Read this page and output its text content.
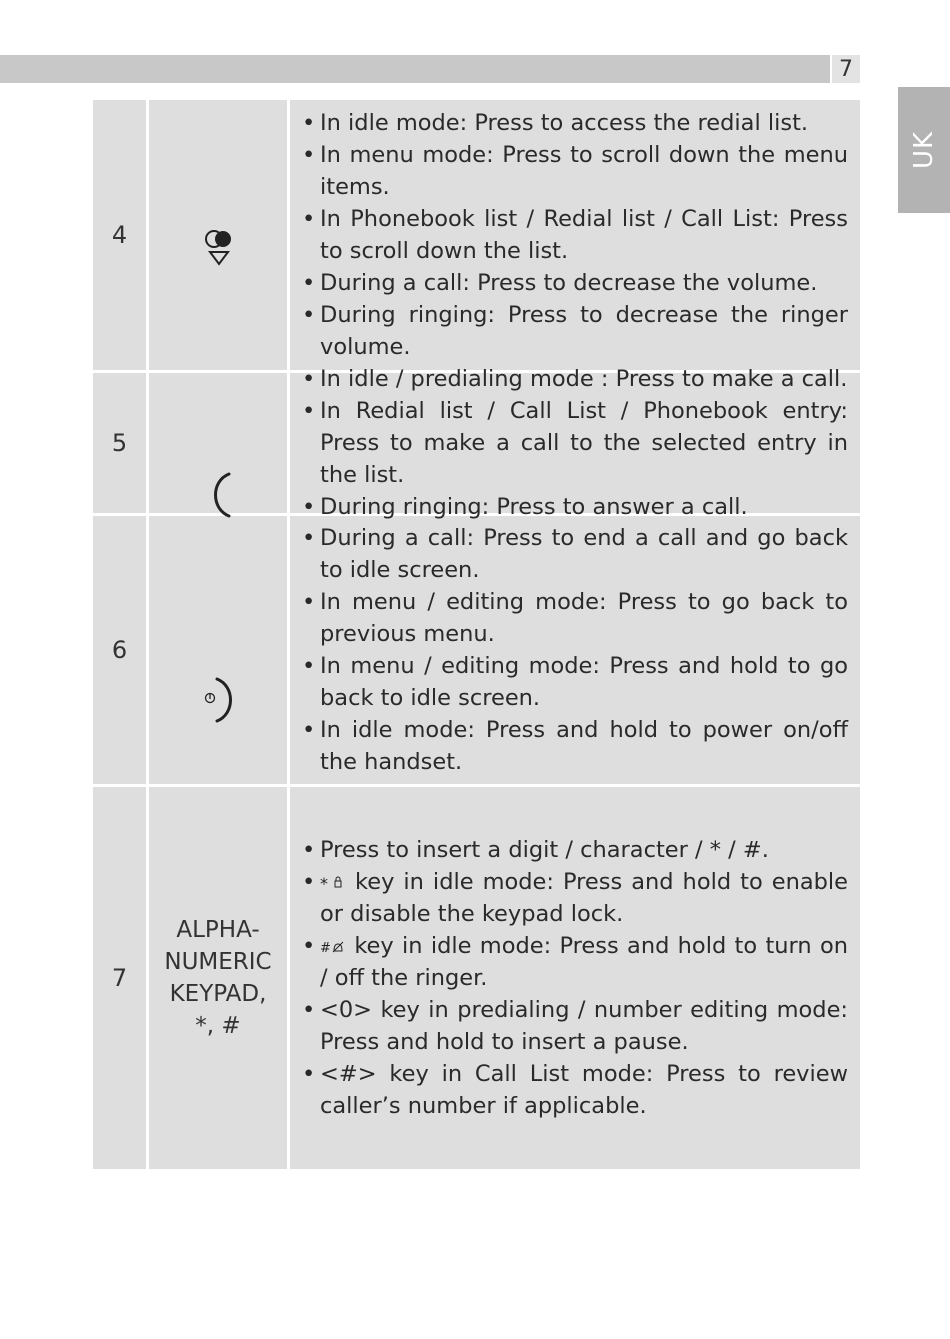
7
UK
4
• In idle mode: Press to access the redial list.
• In menu mode: Press to scroll down the menu items.
• In Phonebook list / Redial list / Call List: Press to scroll down the list.
• During a call: Press to decrease the volume.
• During ringing: Press to decrease the ringer volume.
5
• In idle / predialing mode : Press to make a call.
• In Redial list / Call List / Phonebook entry: Press to make a call to the selected entry in the list.
• During ringing: Press to answer a call.
6
• During a call: Press to end a call and go back to idle screen.
• In menu / editing mode: Press to go back to previous menu.
• In menu / editing mode: Press and hold to go back to idle screen.
• In idle mode: Press and hold to power on/off the handset.
7
ALPHA-
NUMERIC
KEYPAD,
*, #
• Press to insert a digit / character / * / #.
• * key in idle mode: Press and hold to enable or disable the keypad lock.
• # key in idle mode: Press and hold to turn on / off the ringer.
• <0> key in predialing / number editing mode: Press and hold to insert a pause.
• <#> key in Call List mode: Press to review caller’s number if applicable.
